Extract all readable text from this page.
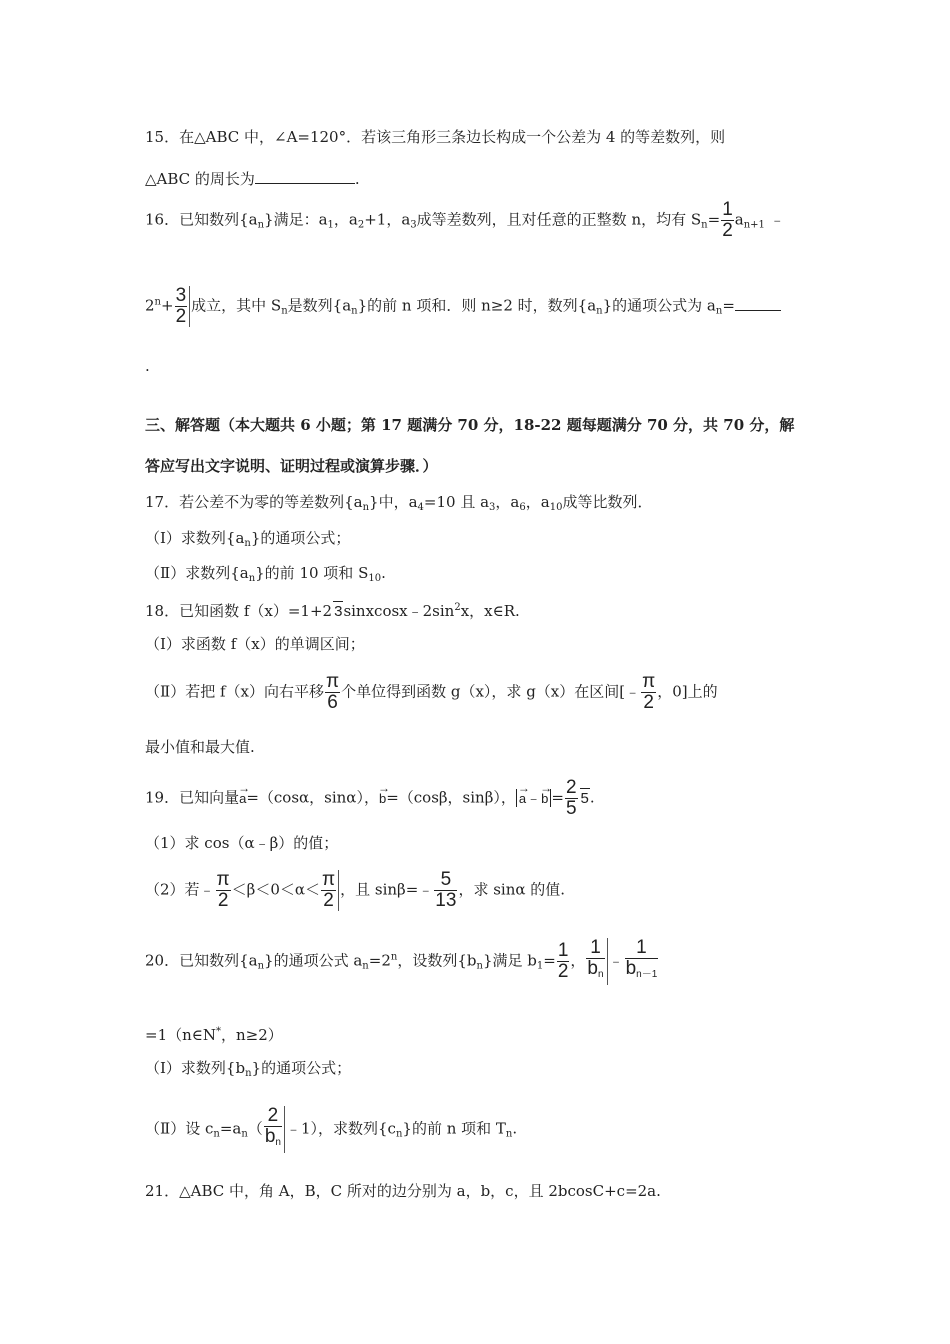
15．在△ABC 中，∠A=120°．若该三角形三条边长构成一个公差为 4 的等差数列，则
△ABC 的周长为	.
16．已知数列$\{a_n\}$满足：$a_1$，$a_2+1$，$a_3$成等差数列，且对任意的正整数 n，均有 $S_n= \frac{1}{2} a_{n+1}$ ﹣
$2^n+ \frac{3}{2}$ 成立，其中 $S_n$是数列$\{a_n\}$的前 n 项和．则 n≥2 时，数列$\{a_n\}$的通项公式为 $a_n=$
.
三、解答题（本大题共 6 小题；第 17 题满分 70 分，18-22 题每题满分 70 分，共 70 分，解
答应写出文字说明、证明过程或演算步骤．）
17．若公差不为零的等差数列$\{a_n\}$中，$a_4=10$ 且 $a_3$，$a_6$，$a_{10}$成等比数列．
（Ⅰ）求数列$\{a_n\}$的通项公式；
（Ⅱ）求数列$\{a_n\}$的前 10 项和 $S_{10}$.
18．已知函数 f（x）=1+2 $3sinxcosx﹣2\sin^2x$，x∈R.
（Ⅰ）求函数 f（x）的单调区间；
（Ⅱ）若把 f（x）向右平移 $\frac{\pi}{6}$ 个单位得到函数 g（x），求 g（x）在区间[﹣ $\frac{\pi}{2}$ ，0]上的
最小值和最大值.
19．已知向量→ a=（cosα，sinα），→ b=（cosβ，sinβ），→ a﹣→ $b = \frac{2}{5} 5$.
（1）求 cos（α﹣β）的值；
（2）若﹣ $\frac{\pi}{2} <\beta<0<\alpha< \frac{\pi}{2}$ ，且 sinβ=﹣ $\frac{5}{13}$ ，求 sinα 的值.
20．已知数列$\{a_n\}$的通项公式 $a_n=2^n$，设数列$\{b_n\}$满足 $b_1= \frac{1}{2}$ ， $\frac{1}{b_n}$ ﹣ $\frac{1}{b_{n-1}}$
=1（n∈N*，n≥2）
（Ⅰ）求数列$\{b_n\}$的通项公式；
（Ⅱ）设 $c_n=a_n( \frac{2}{b_n}$ ﹣1），求数列$\{c_n\}$的前 n 项和 $T_n$.
21．△ABC 中，角 A，B，C 所对的边分别为 a，b，c，且 2bcosC+c=2a.
